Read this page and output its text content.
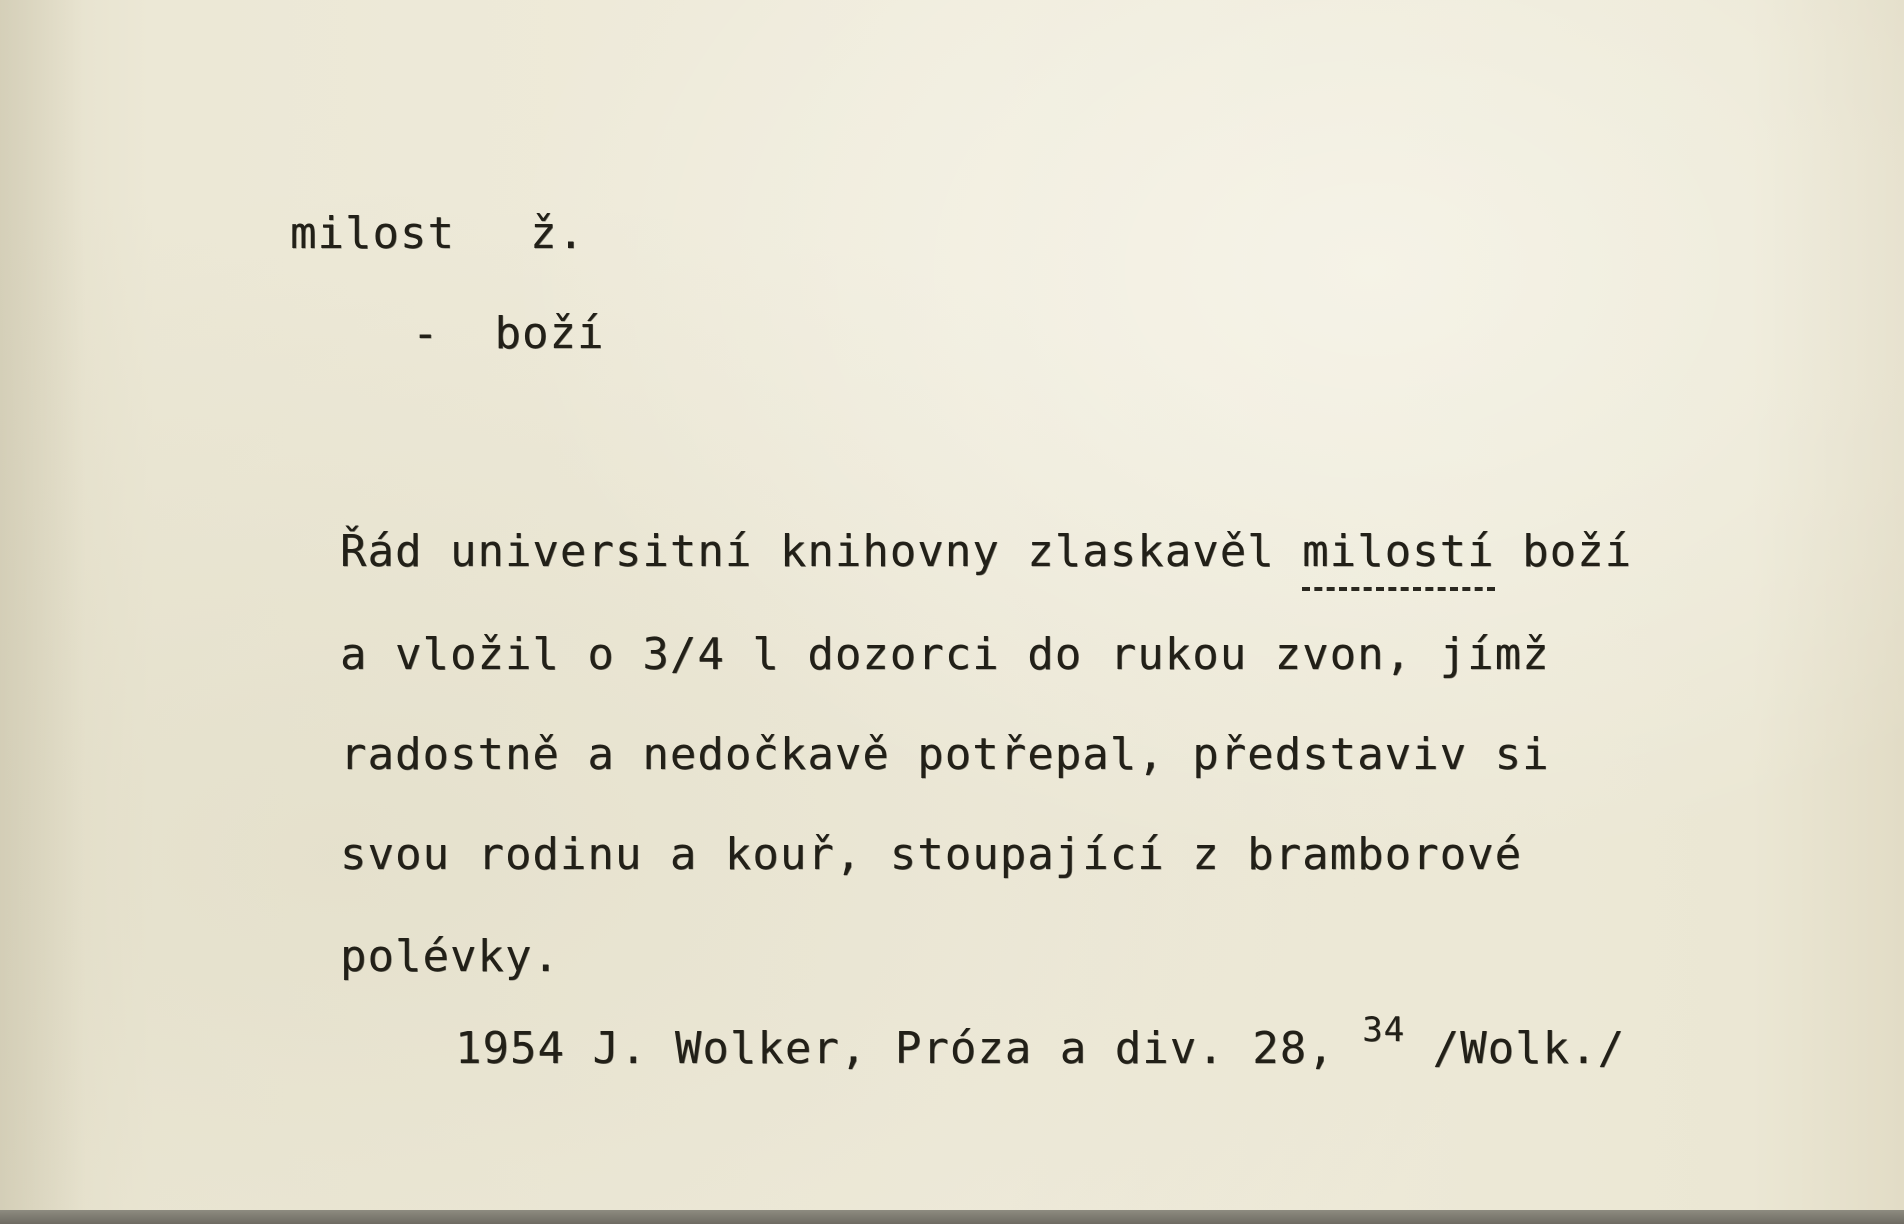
milost ž.
-  boží
Řád universitní knihovny zlaskavěl milostí boží
a vložil o 3/4 l dozorci do rukou zvon, jímž
radostně a nedočkavě potřepal, představiv si
svou rodinu a kouř, stoupající z bramborové
polévky.
1954 J. Wolker, Próza a div. 28, $^{34}$ /Wolk./
